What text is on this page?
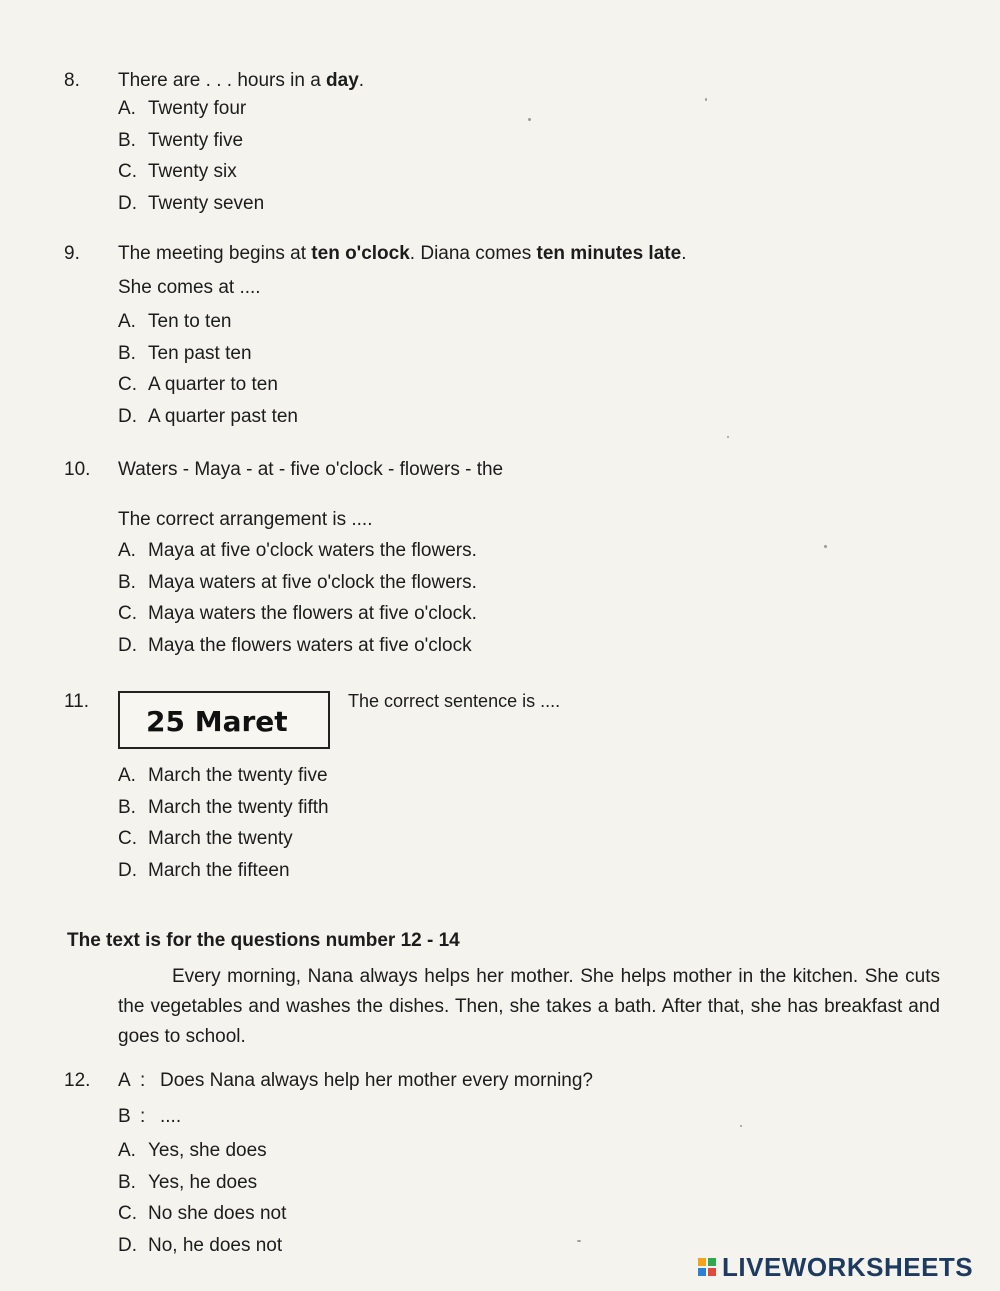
8. There are . . . hours in a day.
A. Twenty four
B. Twenty five
C. Twenty six
D. Twenty seven
9. The meeting begins at ten o'clock. Diana comes ten minutes late.
She comes at ....
A. Ten to ten
B. Ten past ten
C. A quarter to ten
D. A quarter past ten
10. Waters - Maya - at - five o'clock - flowers - the
The correct arrangement is ....
A. Maya at five o'clock waters the flowers.
B. Maya waters at five o'clock the flowers.
C. Maya waters the flowers at five o'clock.
D. Maya the flowers waters at five o'clock
11.
25 Maret
The correct sentence is ....
A. March the twenty five
B. March the twenty fifth
C. March the twenty
D. March the fifteen
The text is for the questions number 12 - 14
Every morning, Nana always helps her mother. She helps mother in the kitchen. She cuts the vegetables and washes the dishes. Then, she takes a bath. After that, she has breakfast and goes to school.
12. A : Does Nana always help her mother every morning?
B : ....
A. Yes, she does
B. Yes, he does
C. No she does not
D. No, he does not
LIVEWORKSHEETS
